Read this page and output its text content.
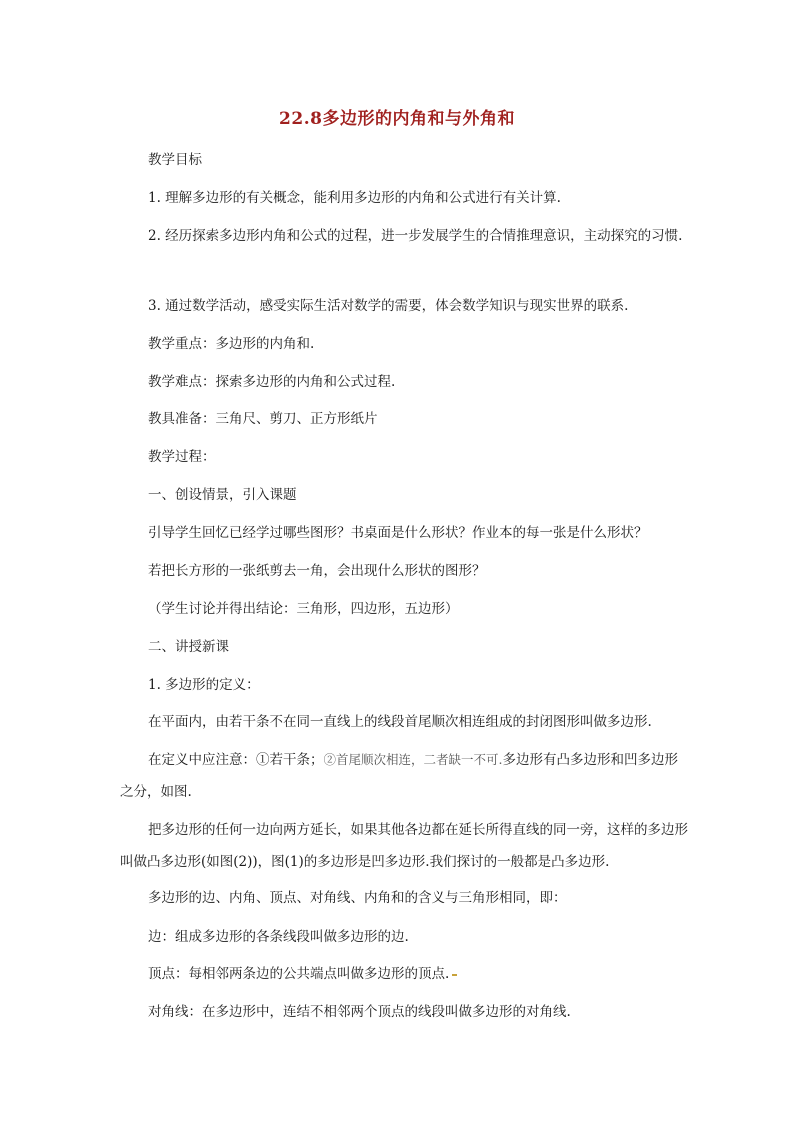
22.8多边形的内角和与外角和
教学目标
1. 理解多边形的有关概念，能利用多边形的内角和公式进行有关计算.
2. 经历探索多边形内角和公式的过程，进一步发展学生的合情推理意识，主动探究的习惯.
3. 通过数学活动，感受实际生活对数学的需要，体会数学知识与现实世界的联系.
教学重点：多边形的内角和.
教学难点：探索多边形的内角和公式过程.
教具准备：三角尺、剪刀、正方形纸片
教学过程：
一、创设情景，引入课题
引导学生回忆已经学过哪些图形？书桌面是什么形状？作业本的每一张是什么形状？
若把长方形的一张纸剪去一角，会出现什么形状的图形？
（学生讨论并得出结论：三角形，四边形，五边形）
二、讲授新课
1. 多边形的定义：
在平面内，由若干条不在同一直线上的线段首尾顺次相连组成的封闭图形叫做多边形.
在定义中应注意：①若干条；②首尾顺次相连，二者缺一不可.多边形有凸多边形和凹多边形之分，如图.
把多边形的任何一边向两方延长，如果其他各边都在延长所得直线的同一旁，这样的多边形叫做凸多边形(如图(2))，图(1)的多边形是凹多边形.我们探讨的一般都是凸多边形.
多边形的边、内角、顶点、对角线、内角和的含义与三角形相同，即：
边：组成多边形的各条线段叫做多边形的边.
顶点：每相邻两条边的公共端点叫做多边形的顶点.
对角线：在多边形中，连结不相邻两个顶点的线段叫做多边形的对角线.
